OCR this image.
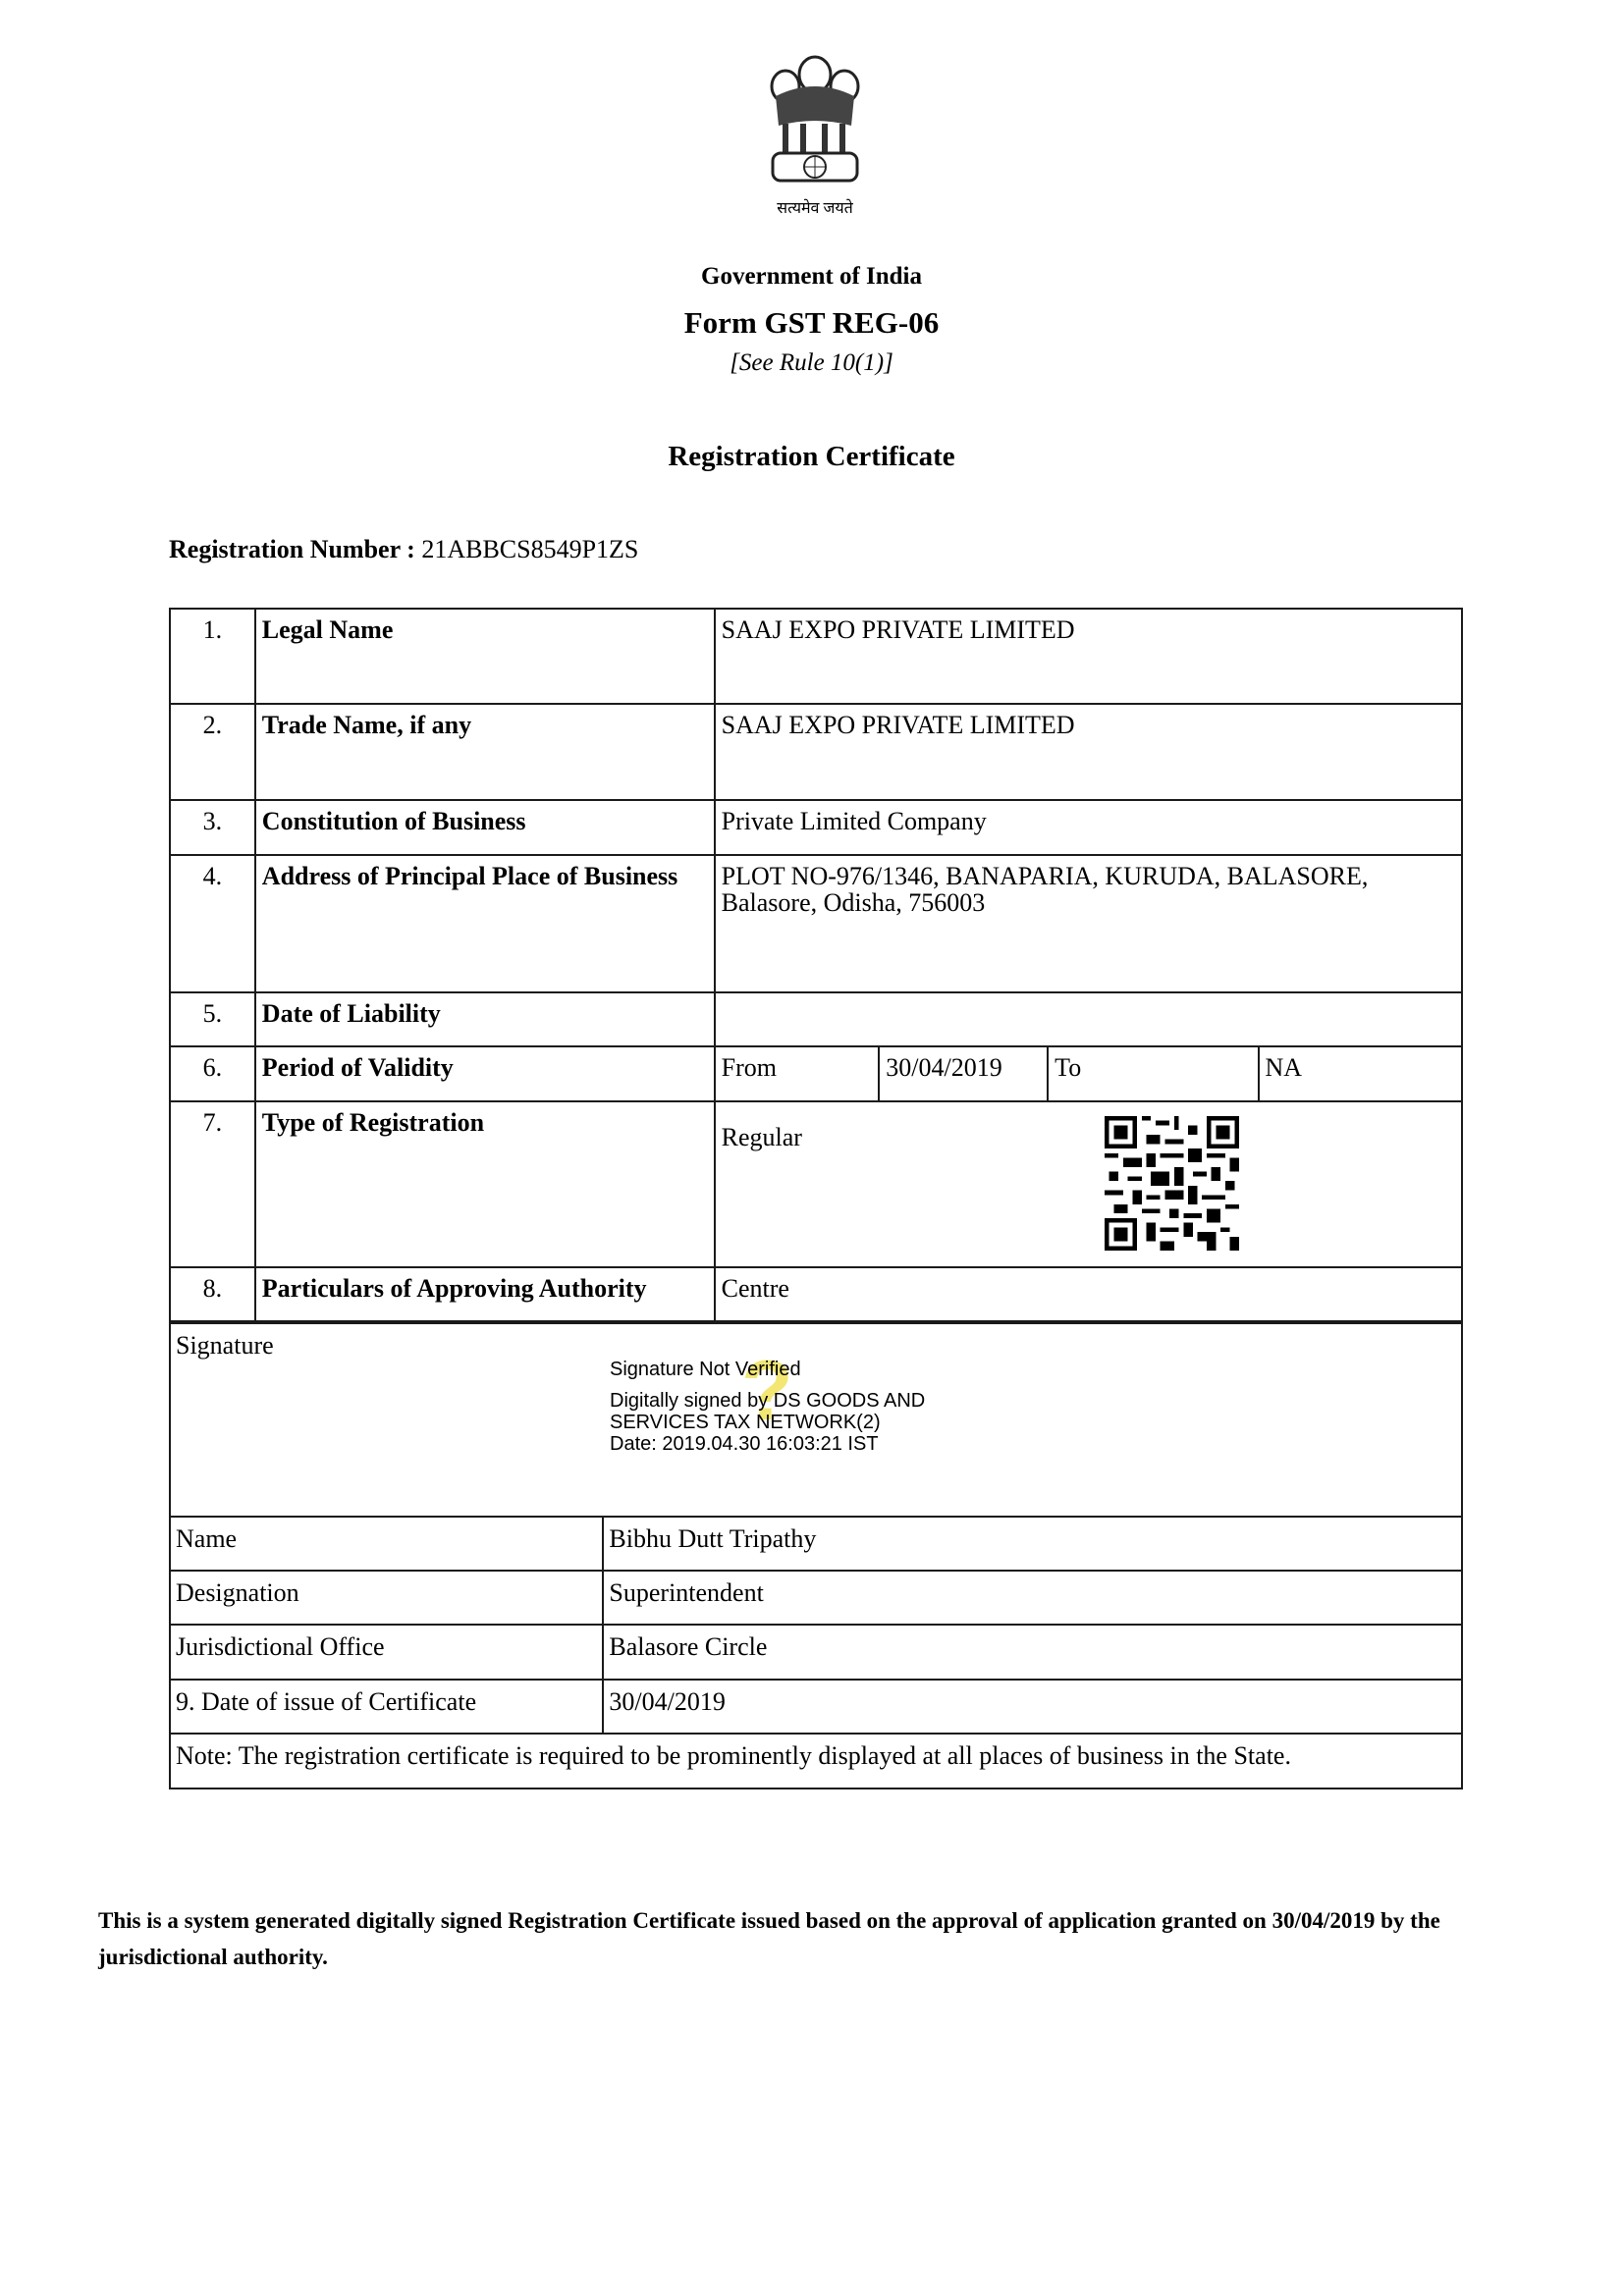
सत्यमेव जयते
Government of India
Form GST REG-06
[See Rule 10(1)]
Registration Certificate
Registration Number : 21ABBCS8549P1ZS
1.	Legal Name	SAAJ EXPO PRIVATE LIMITED			
2.	Trade Name, if any	SAAJ EXPO PRIVATE LIMITED			
3.	Constitution of Business	Private Limited Company			
4.	Address of Principal Place of Business	PLOT NO-976/1346, BANAPARIA, KURUDA, BALASORE, Balasore, Odisha, 756003			
5.	Date of Liability				
6.	Period of Validity	From	30/04/2019	To	NA
7.	Type of Registration	Regular			

8.	Particulars of Approving Authority	Centre			
Signature	
Name	Bibhu Dutt Tripathy
Designation	Superintendent
Jurisdictional Office	Balasore Circle
9. Date of issue of Certificate	30/04/2019
Note: The registration certificate is required to be prominently displayed at all places of business in the State.	
?
Signature Not Verified
Digitally signed by DS GOODS AND
SERVICES TAX NETWORK(2)
Date: 2019.04.30 16:03:21 IST
This is a system generated digitally signed Registration Certificate issued based on the approval of application granted on 30/04/2019 by the jurisdictional authority.
